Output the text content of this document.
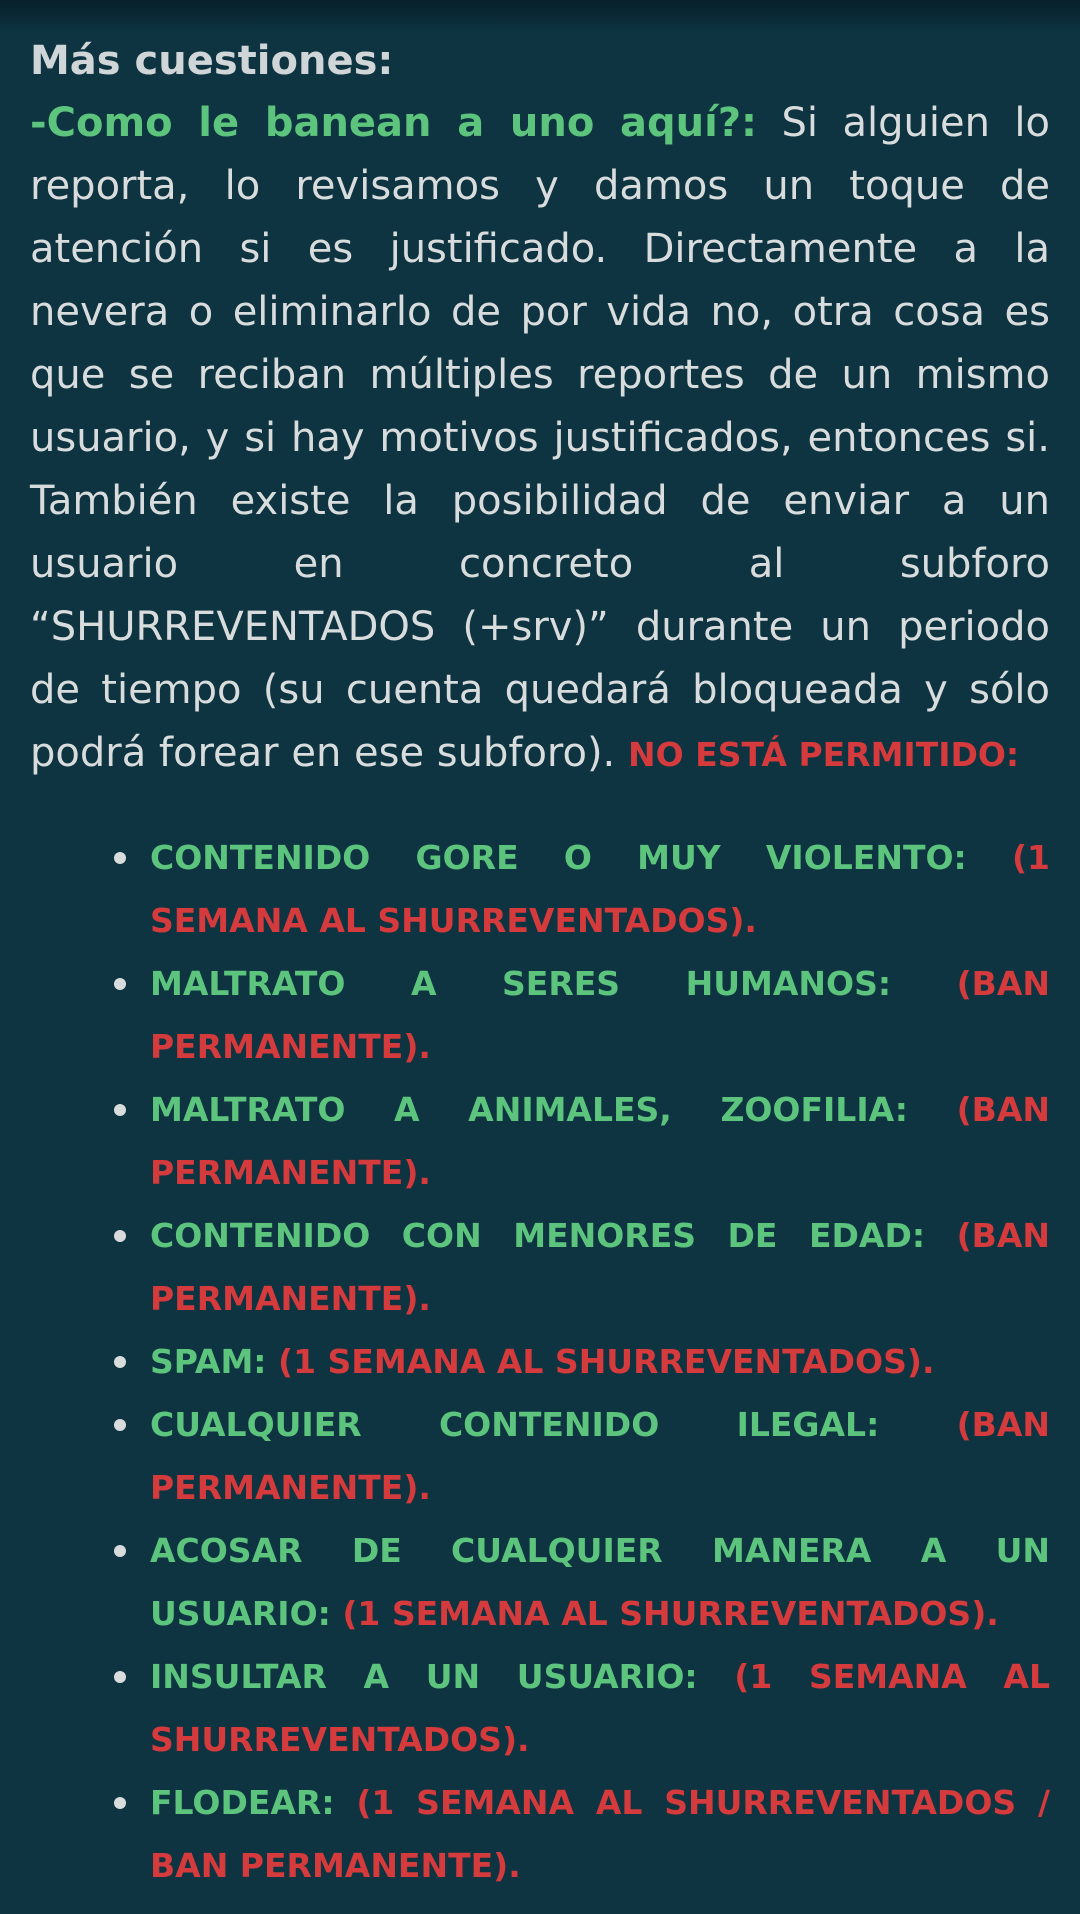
Más cuestiones:

-Como le banean a uno aquí?: Si alguien lo reporta, lo revisamos y damos un toque de atención si es justificado. Directamente a la nevera o eliminarlo de por vida no, otra cosa es que se reciban múltiples reportes de un mismo usuario, y si hay motivos justificados, entonces si. También existe la posibilidad de enviar a un usuario en concreto al subforo “SHURREVENTADOS (+srv)” durante un periodo de tiempo (su cuenta quedará bloqueada y sólo podrá forear en ese subforo). NO ESTÁ PERMITIDO:

CONTENIDO GORE O MUY VIOLENTO: (1 SEMANA AL SHURREVENTADOS).
MALTRATO A SERES HUMANOS: (BAN PERMANENTE).
MALTRATO A ANIMALES, ZOOFILIA: (BAN PERMANENTE).
CONTENIDO CON MENORES DE EDAD: (BAN PERMANENTE).
SPAM: (1 SEMANA AL SHURREVENTADOS).
CUALQUIER CONTENIDO ILEGAL: (BAN PERMANENTE).
ACOSAR DE CUALQUIER MANERA A UN USUARIO: (1 SEMANA AL SHURREVENTADOS).
INSULTAR A UN USUARIO: (1 SEMANA AL SHURREVENTADOS).
FLODEAR: (1 SEMANA AL SHURREVENTADOS / BAN PERMANENTE).
